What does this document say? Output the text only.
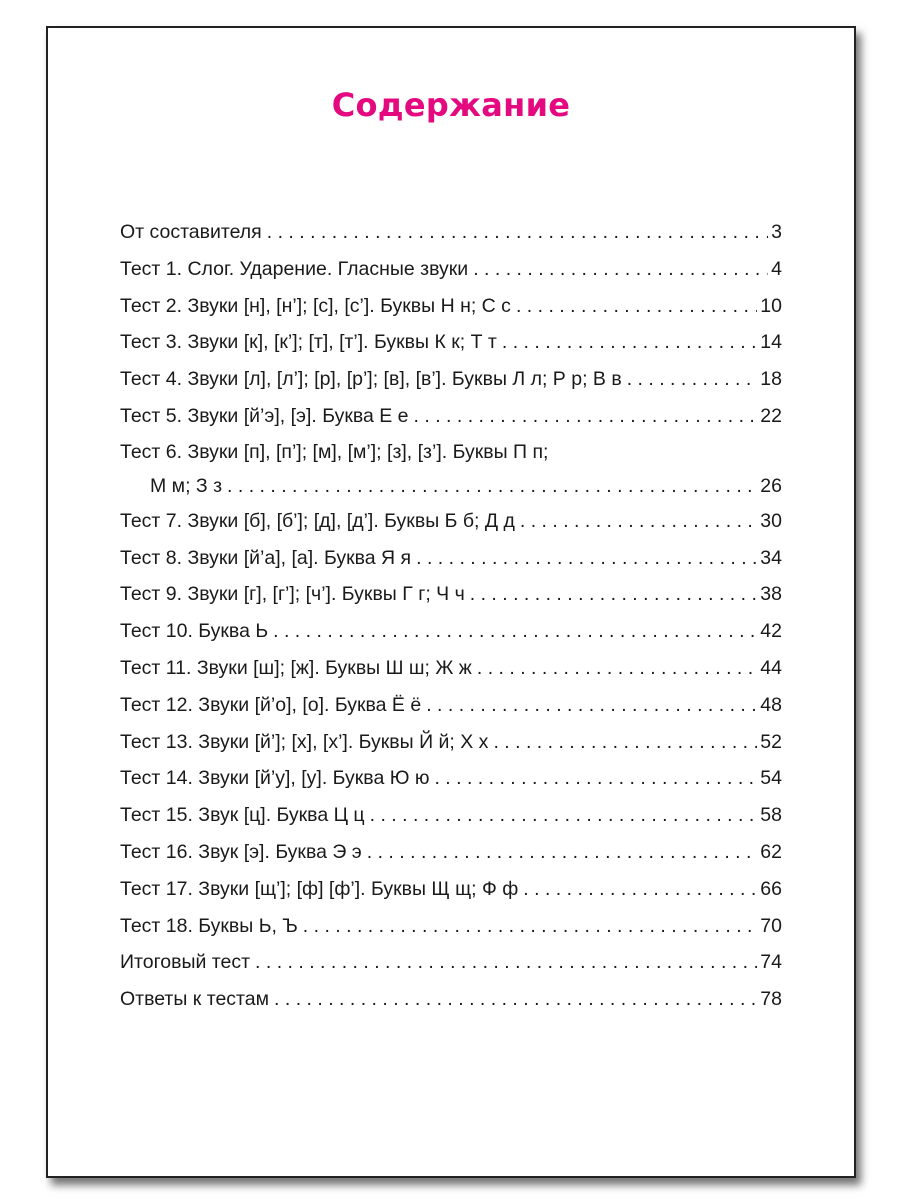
Содержание
От составителя . . .	3
Тест 1. Слог. Ударение. Гласные звуки . . .	4
Тест 2. Звуки [н], [н’]; [с], [с’]. Буквы Н н; С с . . .	10
Тест 3. Звуки [к], [к’]; [т], [т’]. Буквы К к; Т т . . .	14
Тест 4. Звуки [л], [л’]; [р], [р’]; [в], [в’]. Буквы Л л; Р р; В в . . .	18
Тест 5. Звуки [й’э], [э]. Буква Е е . . .	22
Тест 6. Звуки [п], [п’]; [м], [м’]; [з], [з’]. Буквы П п;
М м; З з . . .	26
Тест 7. Звуки [б], [б’]; [д], [д’]. Буквы Б б; Д д . . .	30
Тест 8. Звуки [й’а], [а]. Буква Я я . . .	34
Тест 9. Звуки [г], [г’]; [ч’]. Буквы Г г; Ч ч . . .	38
Тест 10. Буква Ь . . .	42
Тест 11. Звуки [ш]; [ж]. Буквы Ш ш; Ж ж . . .	44
Тест 12. Звуки [й’о], [о]. Буква Ё ё . . .	48
Тест 13. Звуки [й’]; [х], [х’]. Буквы Й й; Х х . . .	52
Тест 14. Звуки [й’у], [у]. Буква Ю ю . . .	54
Тест 15. Звук [ц]. Буква Ц ц . . .	58
Тест 16. Звук [э]. Буква Э э . . .	62
Тест 17. Звуки [щ’]; [ф] [ф’]. Буквы Щ щ; Ф ф . . .	66
Тест 18. Буквы Ь, Ъ . . .	70
Итоговый тест . . .	74
Ответы к тестам . . .	78
